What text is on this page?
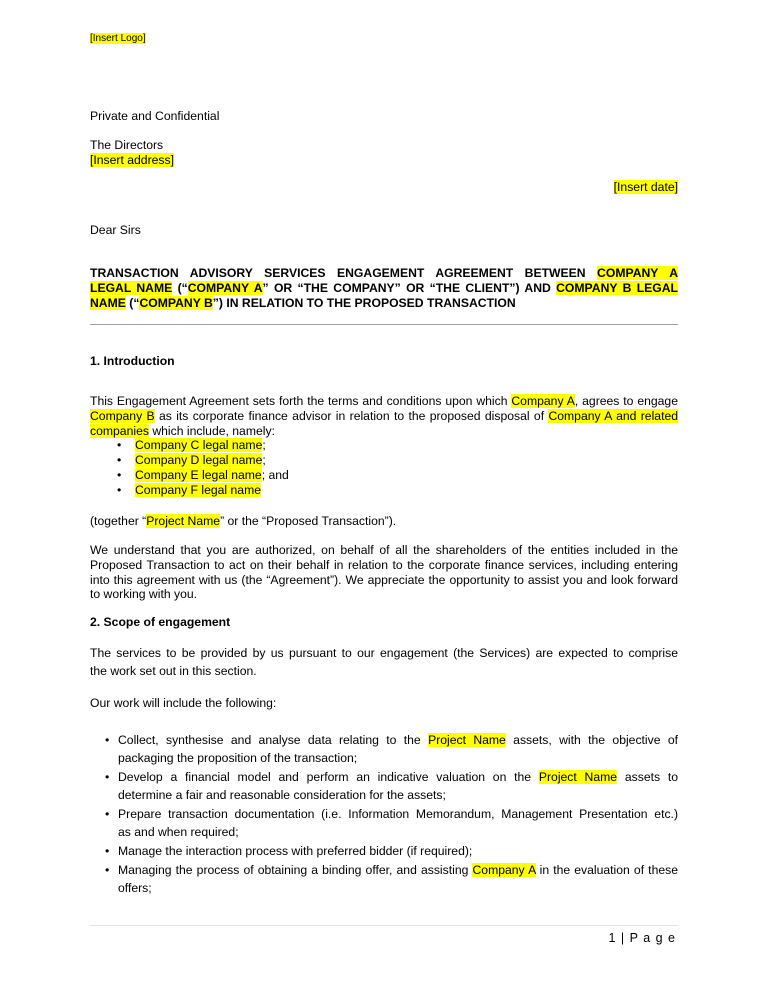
[Insert Logo]
Private and Confidential
The Directors
[Insert address]
[Insert date]
Dear Sirs
TRANSACTION ADVISORY SERVICES ENGAGEMENT AGREEMENT BETWEEN COMPANY A
LEGAL NAME (“COMPANY A” OR “THE COMPANY” OR “THE CLIENT”) AND COMPANY B LEGAL
NAME (“COMPANY B”) IN RELATION TO THE PROPOSED TRANSACTION
1. Introduction
This Engagement Agreement sets forth the terms and conditions upon which Company A, agrees to engage
Company B as its corporate finance advisor in relation to the proposed disposal of Company A and related
companies which include, namely:
• Company C legal name;
• Company D legal name;
• Company E legal name; and
• Company F legal name
(together “Project Name” or the “Proposed Transaction”).
We understand that you are authorized, on behalf of all the shareholders of the entities included in the
Proposed Transaction to act on their behalf in relation to the corporate finance services, including entering
into this agreement with us (the “Agreement”). We appreciate the opportunity to assist you and look forward
to working with you.
2. Scope of engagement
The services to be provided by us pursuant to our engagement (the Services) are expected to comprise
the work set out in this section.
Our work will include the following:
• Collect, synthesise and analyse data relating to the Project Name assets, with the objective of
packaging the proposition of the transaction;
• Develop a financial model and perform an indicative valuation on the Project Name assets to
determine a fair and reasonable consideration for the assets;
• Prepare transaction documentation (i.e. Information Memorandum, Management Presentation etc.)
as and when required;
• Manage the interaction process with preferred bidder (if required);
• Managing the process of obtaining a binding offer, and assisting Company A in the evaluation of these
offers;
1 | P a g e
